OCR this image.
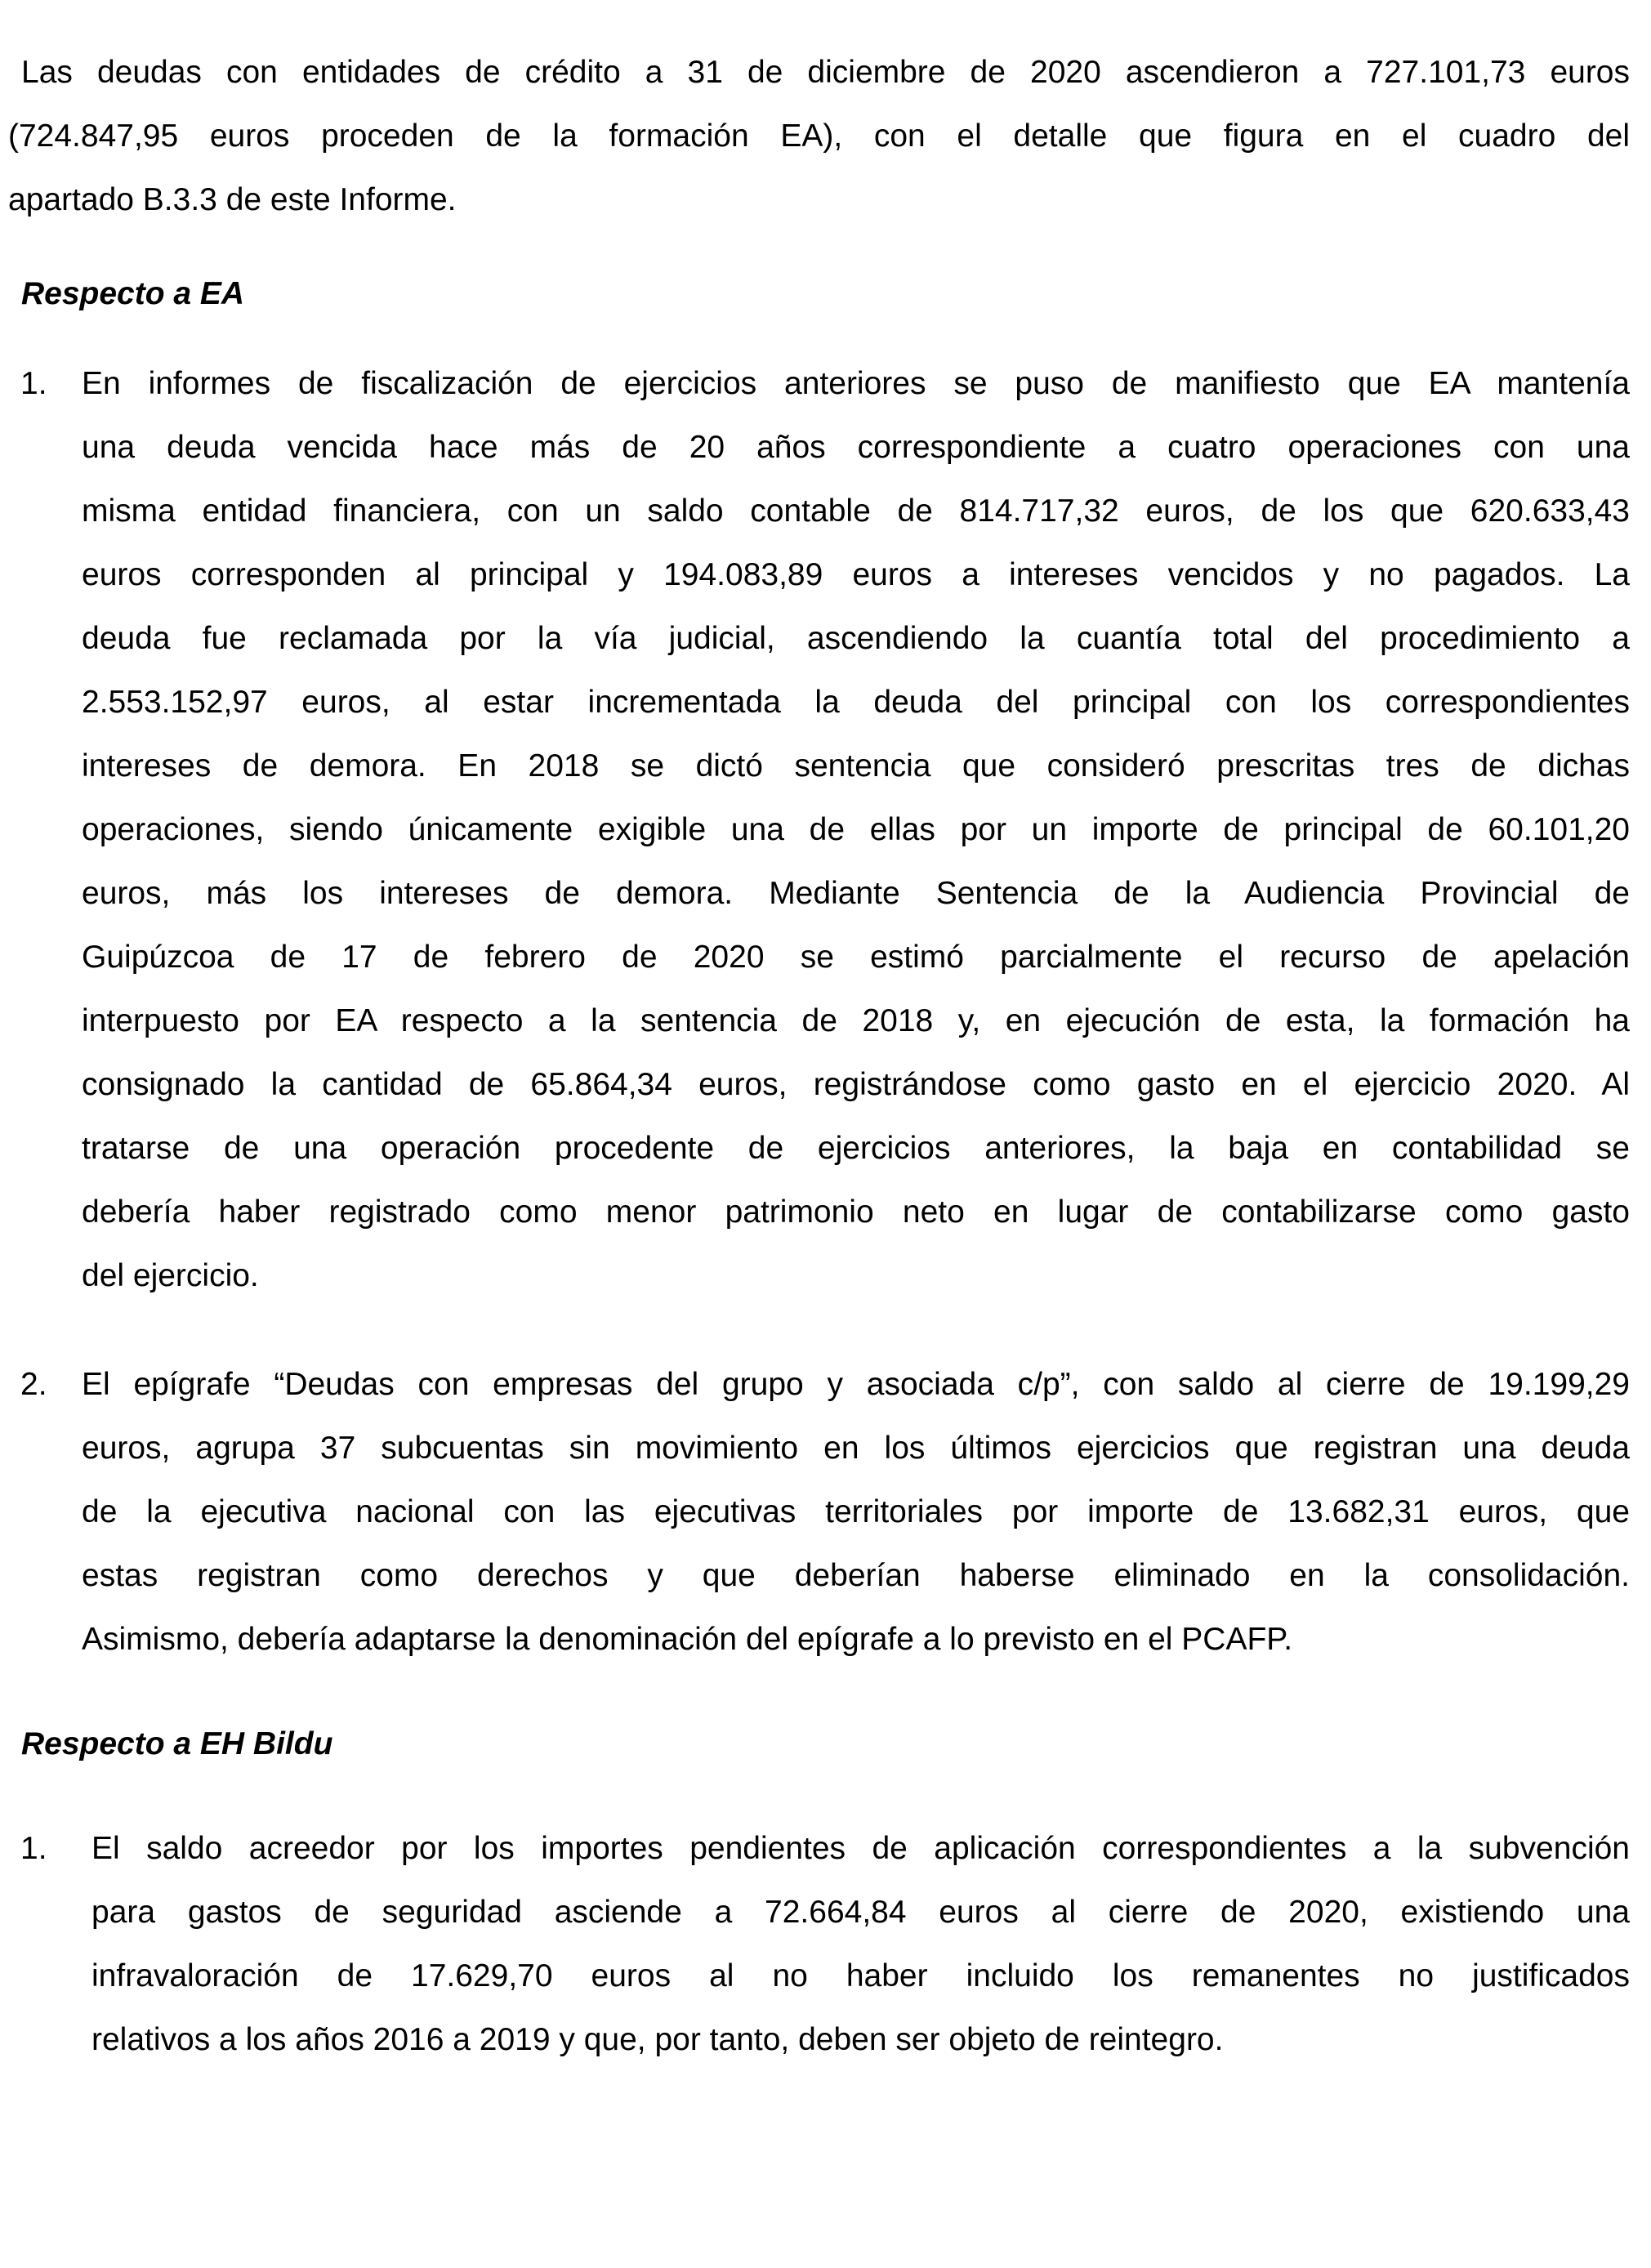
Las deudas con entidades de crédito a 31 de diciembre de 2020 ascendieron a 727.101,73 euros
(724.847,95 euros proceden de la formación EA), con el detalle que figura en el cuadro del
apartado B.3.3 de este Informe.
Respecto a EA
1.	En informes de fiscalización de ejercicios anteriores se puso de manifiesto que EA mantenía
una deuda vencida hace más de 20 años correspondiente a cuatro operaciones con una
misma entidad financiera, con un saldo contable de 814.717,32 euros, de los que 620.633,43
euros corresponden al principal y 194.083,89 euros a intereses vencidos y no pagados. La
deuda fue reclamada por la vía judicial, ascendiendo la cuantía total del procedimiento a
2.553.152,97 euros, al estar incrementada la deuda del principal con los correspondientes
intereses de demora. En 2018 se dictó sentencia que consideró prescritas tres de dichas
operaciones, siendo únicamente exigible una de ellas por un importe de principal de 60.101,20
euros, más los intereses de demora. Mediante Sentencia de la Audiencia Provincial de
Guipúzcoa de 17 de febrero de 2020 se estimó parcialmente el recurso de apelación
interpuesto por EA respecto a la sentencia de 2018 y, en ejecución de esta, la formación ha
consignado la cantidad de 65.864,34 euros, registrándose como gasto en el ejercicio 2020. Al
tratarse de una operación procedente de ejercicios anteriores, la baja en contabilidad se
debería haber registrado como menor patrimonio neto en lugar de contabilizarse como gasto
del ejercicio.
2.	El epígrafe “Deudas con empresas del grupo y asociada c/p”, con saldo al cierre de 19.199,29
euros, agrupa 37 subcuentas sin movimiento en los últimos ejercicios que registran una deuda
de la ejecutiva nacional con las ejecutivas territoriales por importe de 13.682,31 euros, que
estas registran como derechos y que deberían haberse eliminado en la consolidación.
Asimismo, debería adaptarse la denominación del epígrafe a lo previsto en el PCAFP.
Respecto a EH Bildu
1.	El saldo acreedor por los importes pendientes de aplicación correspondientes a la subvención
para gastos de seguridad asciende a 72.664,84 euros al cierre de 2020, existiendo una
infravaloración de 17.629,70 euros al no haber incluido los remanentes no justificados
relativos a los años 2016 a 2019 y que, por tanto, deben ser objeto de reintegro.
